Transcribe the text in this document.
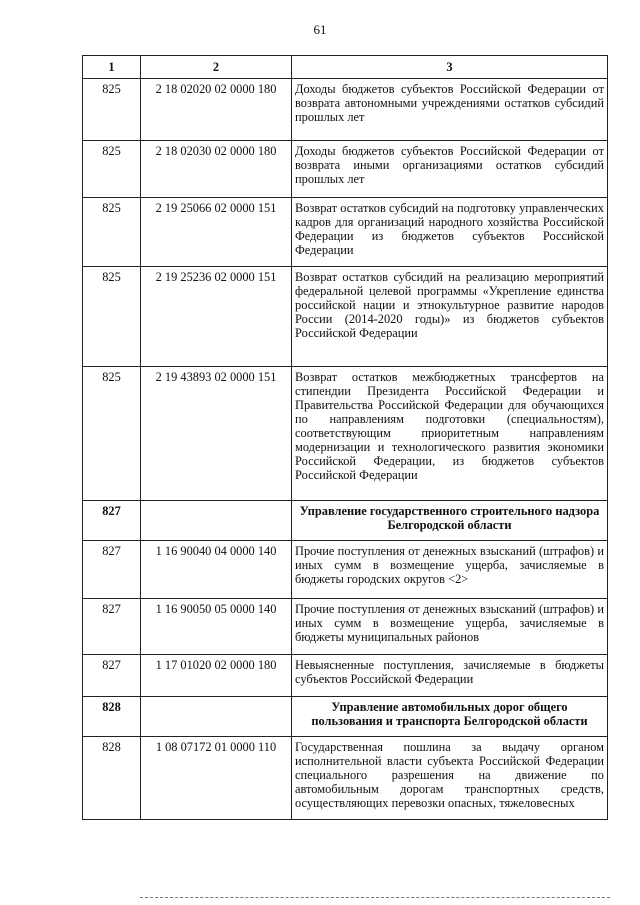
61
1	2	3
825	2 18 02020 02 0000 180	Доходы бюджетов субъектов Российской Федерации от возврата автономными учреждениями остатков субсидий прошлых лет
825	2 18 02030 02 0000 180	Доходы бюджетов субъектов Российской Федерации от возврата иными организациями остатков субсидий прошлых лет
825	2 19 25066 02 0000 151	Возврат остатков субсидий на подготовку управленческих кадров для организаций народного хозяйства Российской Федерации из бюджетов субъектов Российской Федерации
825	2 19 25236 02 0000 151	Возврат остатков субсидий на реализацию мероприятий федеральной целевой программы «Укрепление единства российской нации и этнокультурное развитие народов России (2014-2020 годы)» из бюджетов субъектов Российской Федерации
825	2 19 43893 02 0000 151	Возврат остатков межбюджетных трансфертов на стипендии Президента Российской Федерации и Правительства Российской Федерации для обучающихся по направлениям подготовки (специальностям), соответствующим приоритетным направлениям модернизации и технологического развития экономики Российской Федерации, из бюджетов субъектов Российской Федерации
827		Управление государственного строительного надзора Белгородской области
827	1 16 90040 04 0000 140	Прочие поступления от денежных взысканий (штрафов) и иных сумм в возмещение ущерба, зачисляемые в бюджеты городских округов <2>
827	1 16 90050 05 0000 140	Прочие поступления от денежных взысканий (штрафов) и иных сумм в возмещение ущерба, зачисляемые в бюджеты муниципальных районов
827	1 17 01020 02 0000 180	Невыясненные поступления, зачисляемые в бюджеты субъектов Российской Федерации
828		Управление автомобильных дорог общего пользования и транспорта Белгородской области
828	1 08 07172 01 0000 110	Государственная пошлина за выдачу органом исполнительной власти субъекта Российской Федерации специального разрешения на движение по автомобильным дорогам транспортных средств, осуществляющих перевозки опасных, тяжеловесных
